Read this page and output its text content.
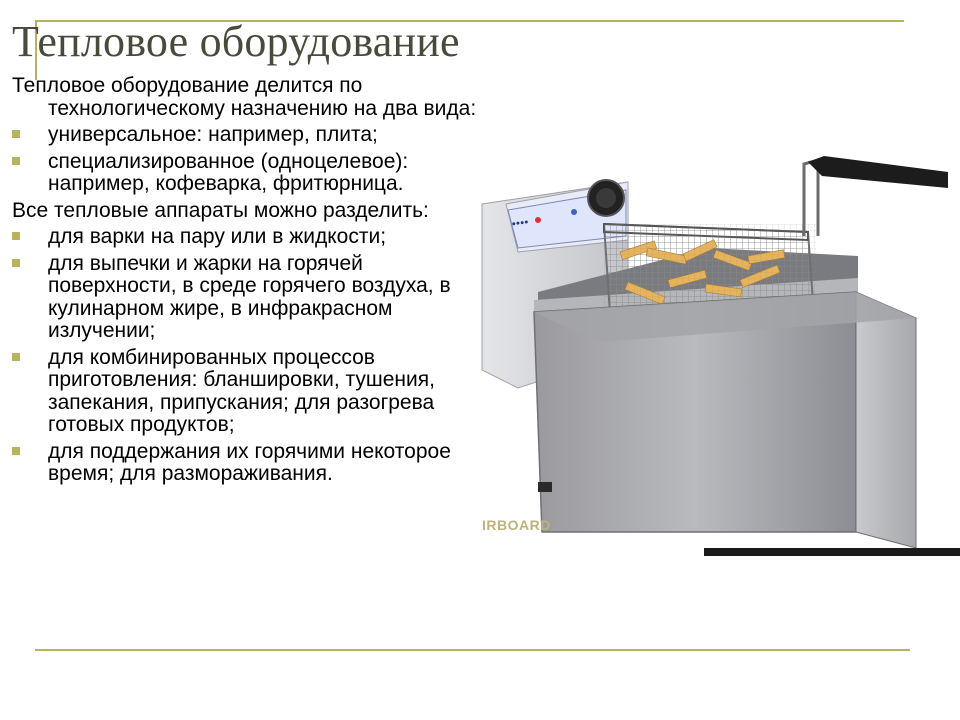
Тепловое оборудование

Тепловое оборудование делится по

технологическому назначению на два вида:

универсальное: например, плита;
специализированное (одноцелевое): например, кофеварка, фритюрница.

Все тепловые аппараты можно разделить:

для варки на пару или в жидкости;
для выпечки и жарки на горячей поверхности, в среде горячего воздуха, в кулинарном жире, в инфракрасном излучении;
для комбинированных процессов приготовления: бланшировки, тушения, запекания, припускания; для разогрева готовых продуктов;
для поддержания их горячими некоторое время; для размораживания.
●●●●
IRBOARD
